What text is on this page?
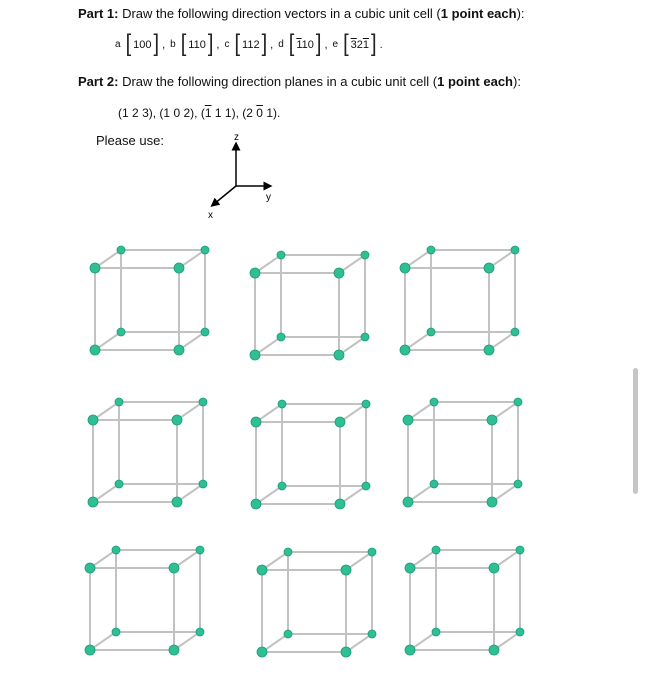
Part 1: Draw the following direction vectors in a cubic unit cell (1 point each):
a [ 100 ] , b [ 110 ] , c [ 112 ] , d [ 110 ] , e [ 321 ] .
Part 2: Draw the following direction planes in a cubic unit cell (1 point each):
(1 2 3), (1 0 2), (1 1 1), (2 0 1).
Please use:	z
y
x
